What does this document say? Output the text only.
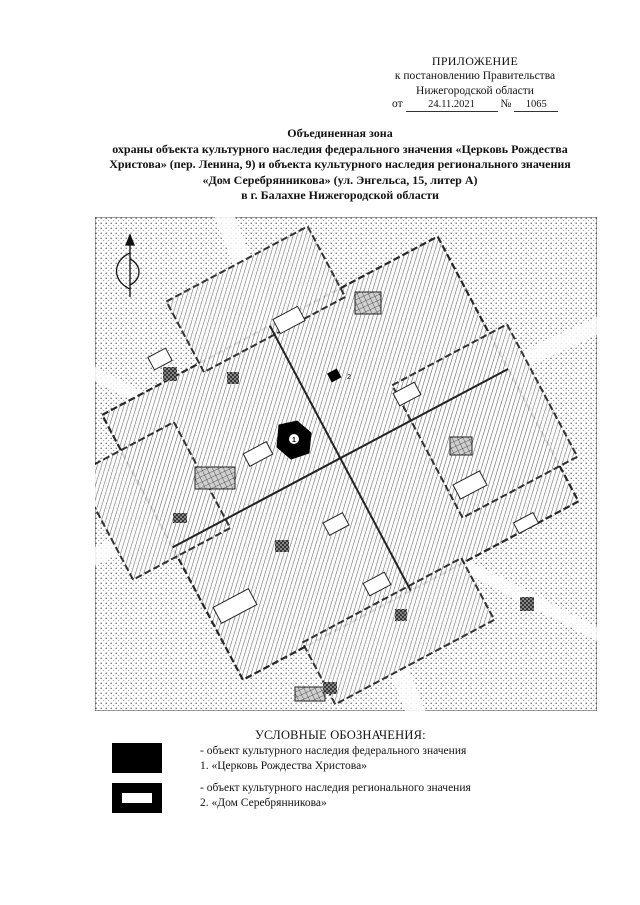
ПРИЛОЖЕНИЕ
к постановлению Правительства
Нижегородской области
от 24.11.2021 № 1065
Объединенная зона
охраны объекта культурного наследия федерального значения «Церковь Рождества
Христова» (пер. Ленина, 9) и объекта культурного наследия регионального значения
«Дом Серебрянникова» (ул. Энгельса, 15, литер А)
в г. Балахне Нижегородской области
1
2
УСЛОВНЫЕ ОБОЗНАЧЕНИЯ:
- объект культурного наследия федерального значения
1. «Церковь Рождества Христова»
- объект культурного наследия регионального значения
2. «Дом Серебрянникова»
